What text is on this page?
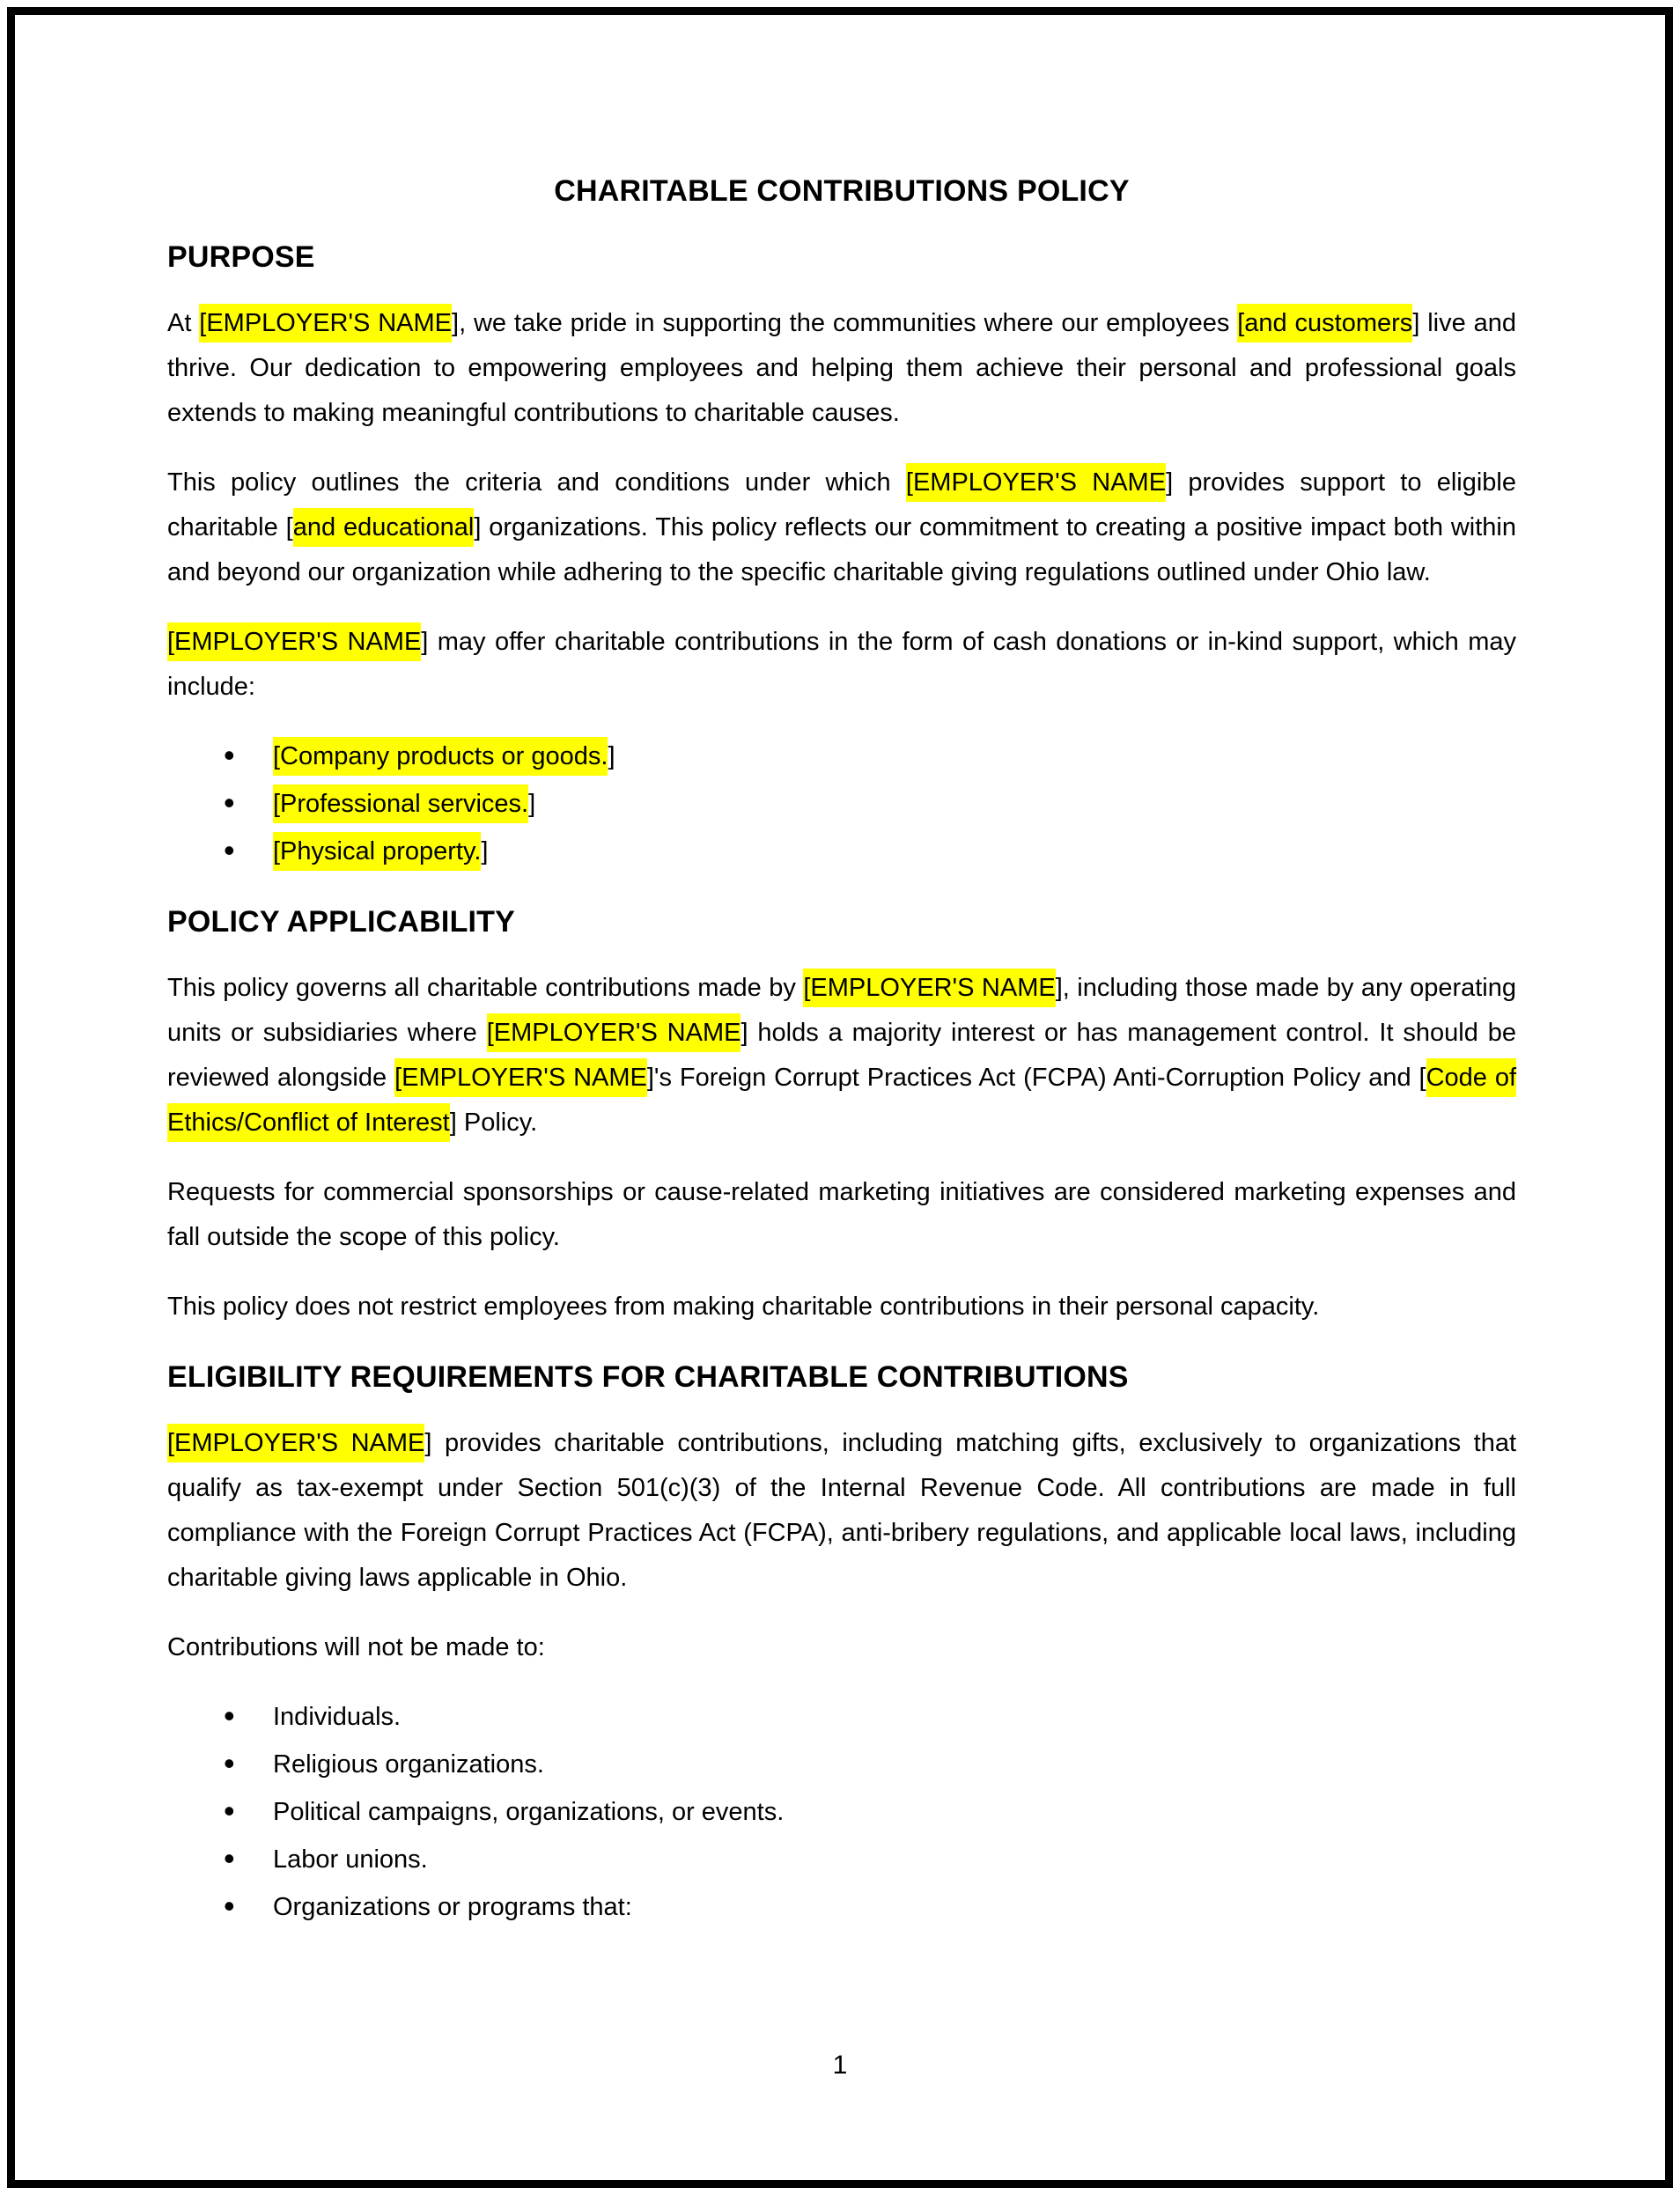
CHARITABLE CONTRIBUTIONS POLICY
PURPOSE

At [EMPLOYER'S NAME], we take pride in supporting the communities where our employees [and customers] live and thrive. Our dedication to empowering employees and helping them achieve their personal and professional goals extends to making meaningful contributions to charitable causes.

This policy outlines the criteria and conditions under which [EMPLOYER'S NAME] provides support to eligible charitable [and educational] organizations. This policy reflects our commitment to creating a positive impact both within and beyond our organization while adhering to the specific charitable giving regulations outlined under Ohio law.

[EMPLOYER'S NAME] may offer charitable contributions in the form of cash donations or in-kind support, which may include:

• [Company products or goods.]
• [Professional services.]
• [Physical property.]
POLICY APPLICABILITY

This policy governs all charitable contributions made by [EMPLOYER'S NAME], including those made by any operating units or subsidiaries where [EMPLOYER'S NAME] holds a majority interest or has management control. It should be reviewed alongside [EMPLOYER'S NAME]'s Foreign Corrupt Practices Act (FCPA) Anti-Corruption Policy and [Code of Ethics/Conflict of Interest] Policy.

Requests for commercial sponsorships or cause-related marketing initiatives are considered marketing expenses and fall outside the scope of this policy.

This policy does not restrict employees from making charitable contributions in their personal capacity.

ELIGIBILITY REQUIREMENTS FOR CHARITABLE CONTRIBUTIONS

[EMPLOYER'S NAME] provides charitable contributions, including matching gifts, exclusively to organizations that qualify as tax-exempt under Section 501(c)(3) of the Internal Revenue Code. All contributions are made in full compliance with the Foreign Corrupt Practices Act (FCPA), anti-bribery regulations, and applicable local laws, including charitable giving laws applicable in Ohio.

Contributions will not be made to:

• Individuals.
• Religious organizations.
• Political campaigns, organizations, or events.
• Labor unions.
• Organizations or programs that:
1
